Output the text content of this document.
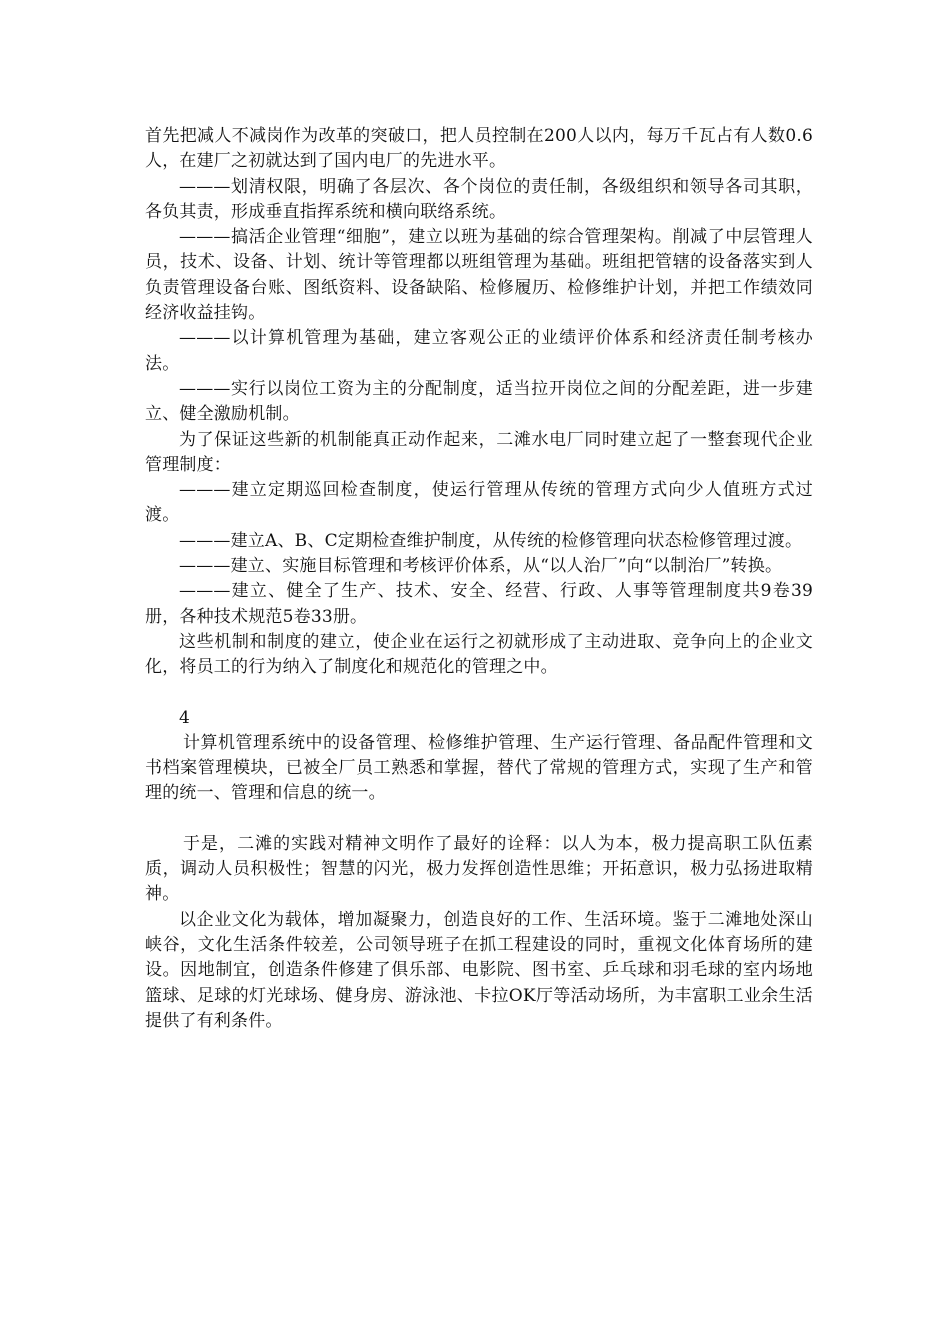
首先把减人不减岗作为改革的突破口，把人员控制在200人以内，每万千瓦占有人数0.6人，在建厂之初就达到了国内电厂的先进水平。

———划清权限，明确了各层次、各个岗位的责任制，各级组织和领导各司其职，各负其责，形成垂直指挥系统和横向联络系统。

———搞活企业管理“细胞”，建立以班为基础的综合管理架构。削减了中层管理人员，技术、设备、计划、统计等管理都以班组管理为基础。班组把管辖的设备落实到人负责管理设备台账、图纸资料、设备缺陷、检修履历、检修维护计划，并把工作绩效同经济收益挂钩。

———以计算机管理为基础，建立客观公正的业绩评价体系和经济责任制考核办法。

———实行以岗位工资为主的分配制度，适当拉开岗位之间的分配差距，进一步建立、健全激励机制。

为了保证这些新的机制能真正动作起来，二滩水电厂同时建立起了一整套现代企业管理制度：

———建立定期巡回检查制度，使运行管理从传统的管理方式向少人值班方式过渡。

———建立A、B、C定期检查维护制度，从传统的检修管理向状态检修管理过渡。

———建立、实施目标管理和考核评价体系，从“以人治厂”向“以制治厂”转换。

———建立、健全了生产、技术、安全、经营、行政、人事等管理制度共9卷39册，各种技术规范5卷33册。

这些机制和制度的建立，使企业在运行之初就形成了主动进取、竞争向上的企业文化，将员工的行为纳入了制度化和规范化的管理之中。

4

计算机管理系统中的设备管理、检修维护管理、生产运行管理、备品配件管理和文书档案管理模块，已被全厂员工熟悉和掌握，替代了常规的管理方式，实现了生产和管理的统一、管理和信息的统一。

于是，二滩的实践对精神文明作了最好的诠释：以人为本，极力提高职工队伍素质，调动人员积极性；智慧的闪光，极力发挥创造性思维；开拓意识，极力弘扬进取精神。

以企业文化为载体，增加凝聚力，创造良好的工作、生活环境。鉴于二滩地处深山峡谷，文化生活条件较差，公司领导班子在抓工程建设的同时，重视文化体育场所的建设。因地制宜，创造条件修建了俱乐部、电影院、图书室、乒乓球和羽毛球的室内场地篮球、足球的灯光球场、健身房、游泳池、卡拉OK厅等活动场所，为丰富职工业余生活提供了有利条件。
